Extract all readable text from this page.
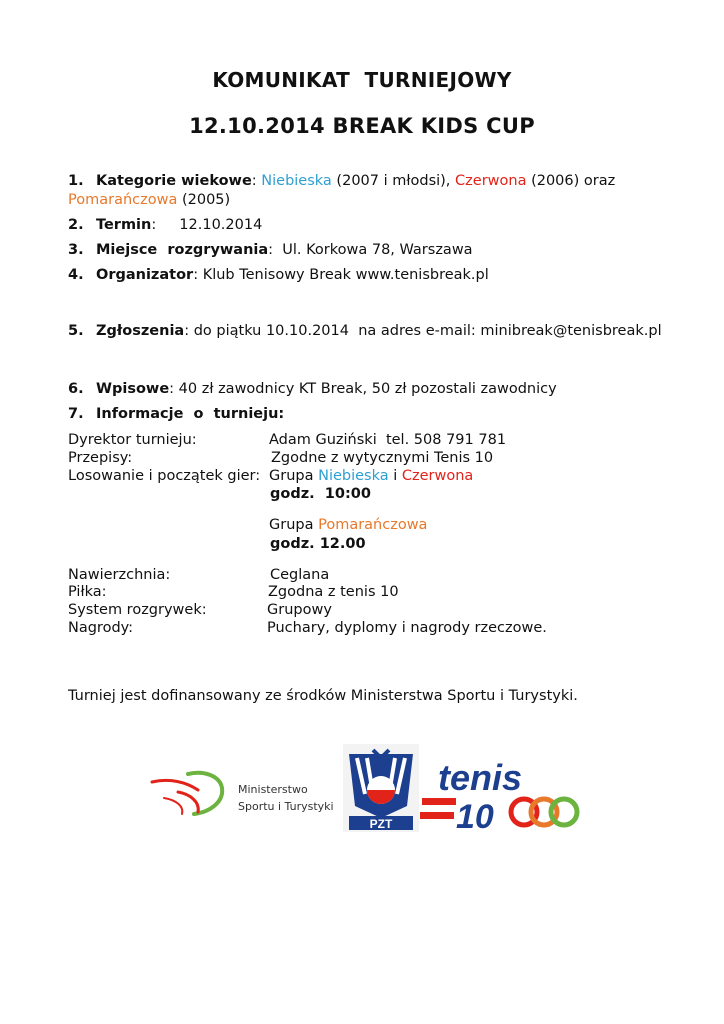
KOMUNIKAT  TURNIEJOWY
12.10.2014 BREAK KIDS CUP
1. Kategorie wiekowe: Niebieska (2007 i młodsi), Czerwona (2006) oraz
Pomarańczowa (2005)
2. Termin:     12.10.2014
3. Miejsce  rozgrywania:  Ul. Korkowa 78, Warszawa
4. Organizator: Klub Tenisowy Break www.tenisbreak.pl
5. Zgłoszenia: do piątku 10.10.2014  na adres e-mail: minibreak@tenisbreak.pl
6. Wpisowe: 40 zł zawodnicy KT Break, 50 zł pozostali zawodnicy
7. Informacje  o  turnieju:
Dyrektor turnieju:	Adam Guziński  tel. 508 791 781
Przepisy:	Zgodne z wytycznymi Tenis 10
Losowanie i początek gier: Grupa Niebieska i Czerwona
godz.  10:00
Grupa Pomarańczowa
godz. 12.00
Nawierzchnia:	Ceglana
Piłka:	Zgodna z tenis 10
System rozgrywek:	Grupowy
Nagrody:	Puchary, dyplomy i nagrody rzeczowe.
Turniej jest dofinansowany ze środków Ministerstwa Sportu i Turystyki.
Ministerstwo
Sportu i Turystyki
PZT
tenis
10
